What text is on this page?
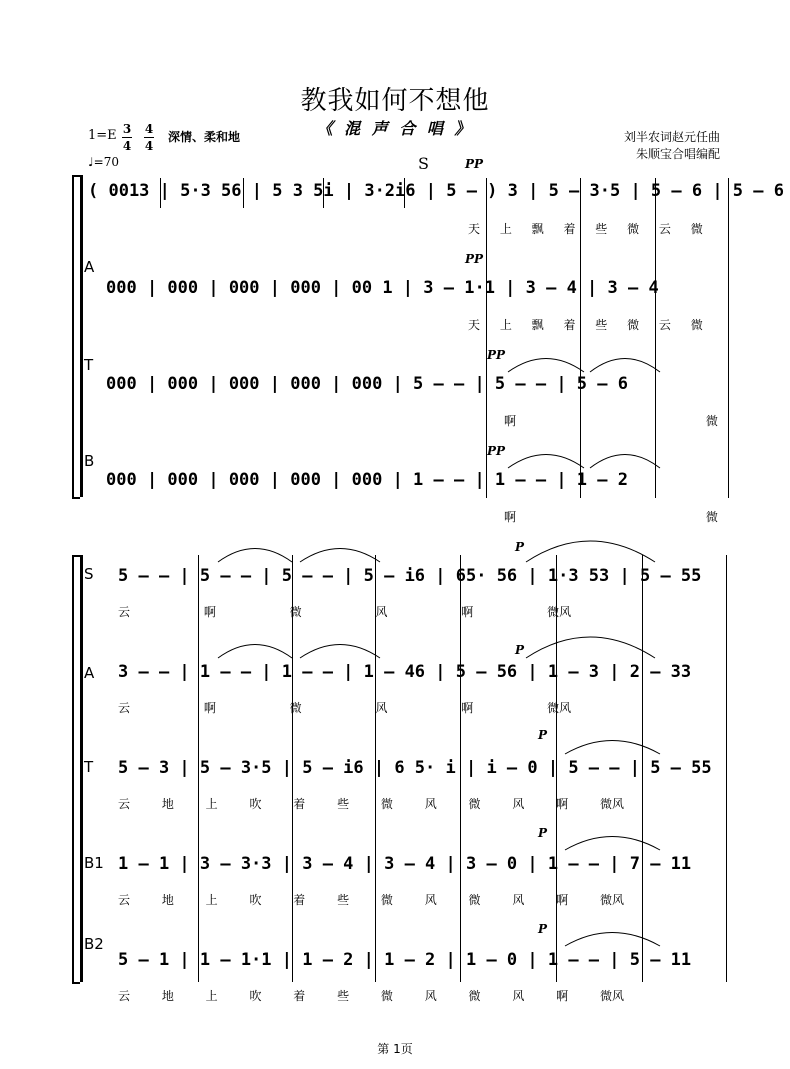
教我如何不想他
《 混 声 合 唱 》	刘半农词赵元任曲
朱顺宝合唱编配
1=E 3
4
4
4
深情、柔和地
♩=70	S	PP
PP
PP
PP
( 0013 | 5·3 56 | 5 3 5i | 3·2i6 | 5 — ) 3 | 5 — 3·5 | 5 — 6 | 5 — 6
天 上 飘 着 些 微 云 微
A
000 | 000 | 000 | 000 | 00 1 | 3 — 1·1 | 3 — 4 | 3 — 4
天 上 飘 着 些 微 云 微
T
000 | 000 | 000 | 000 | 000 | 5 — — | 5 — — | 5 — 6
啊 微
B
000 | 000 | 000 | 000 | 000 | 1 — — | 1 — — | 1 — 2
啊 微
P
P
P
P
P
S 5 — — | 5 — — | 5 — — | 5 — i6 | 65· 56 | 1·3 53 | 5 — 55
云 啊 微 风 啊 微风
A 3 — — | 1 — — | 1 — — | 1 — 46 | 5 — 56 | 1 — 3 | 2 — 33
云 啊 微 风 啊 微风
T 5 — 3 | 5 — 3·5 | 5 — i6 | 6 5· i | i — 0 | 5 — — | 5 — 55
云 地 上 吹 着 些 微 风 微 风 啊 微风
B1 1 — 1 | 3 — 3·3 | 3 — 4 | 3 — 4 | 3 — 0 | 1 — — | 7 — 11
云 地 上 吹 着 些 微 风 微 风 啊 微风
B2
5 — 1 | 1 — 1·1 | 1 — 2 | 1 — 2 | 1 — 0 | 1 — — | 5 — 11
云 地 上 吹 着 些 微 风 微 风 啊 微风
第 1页
